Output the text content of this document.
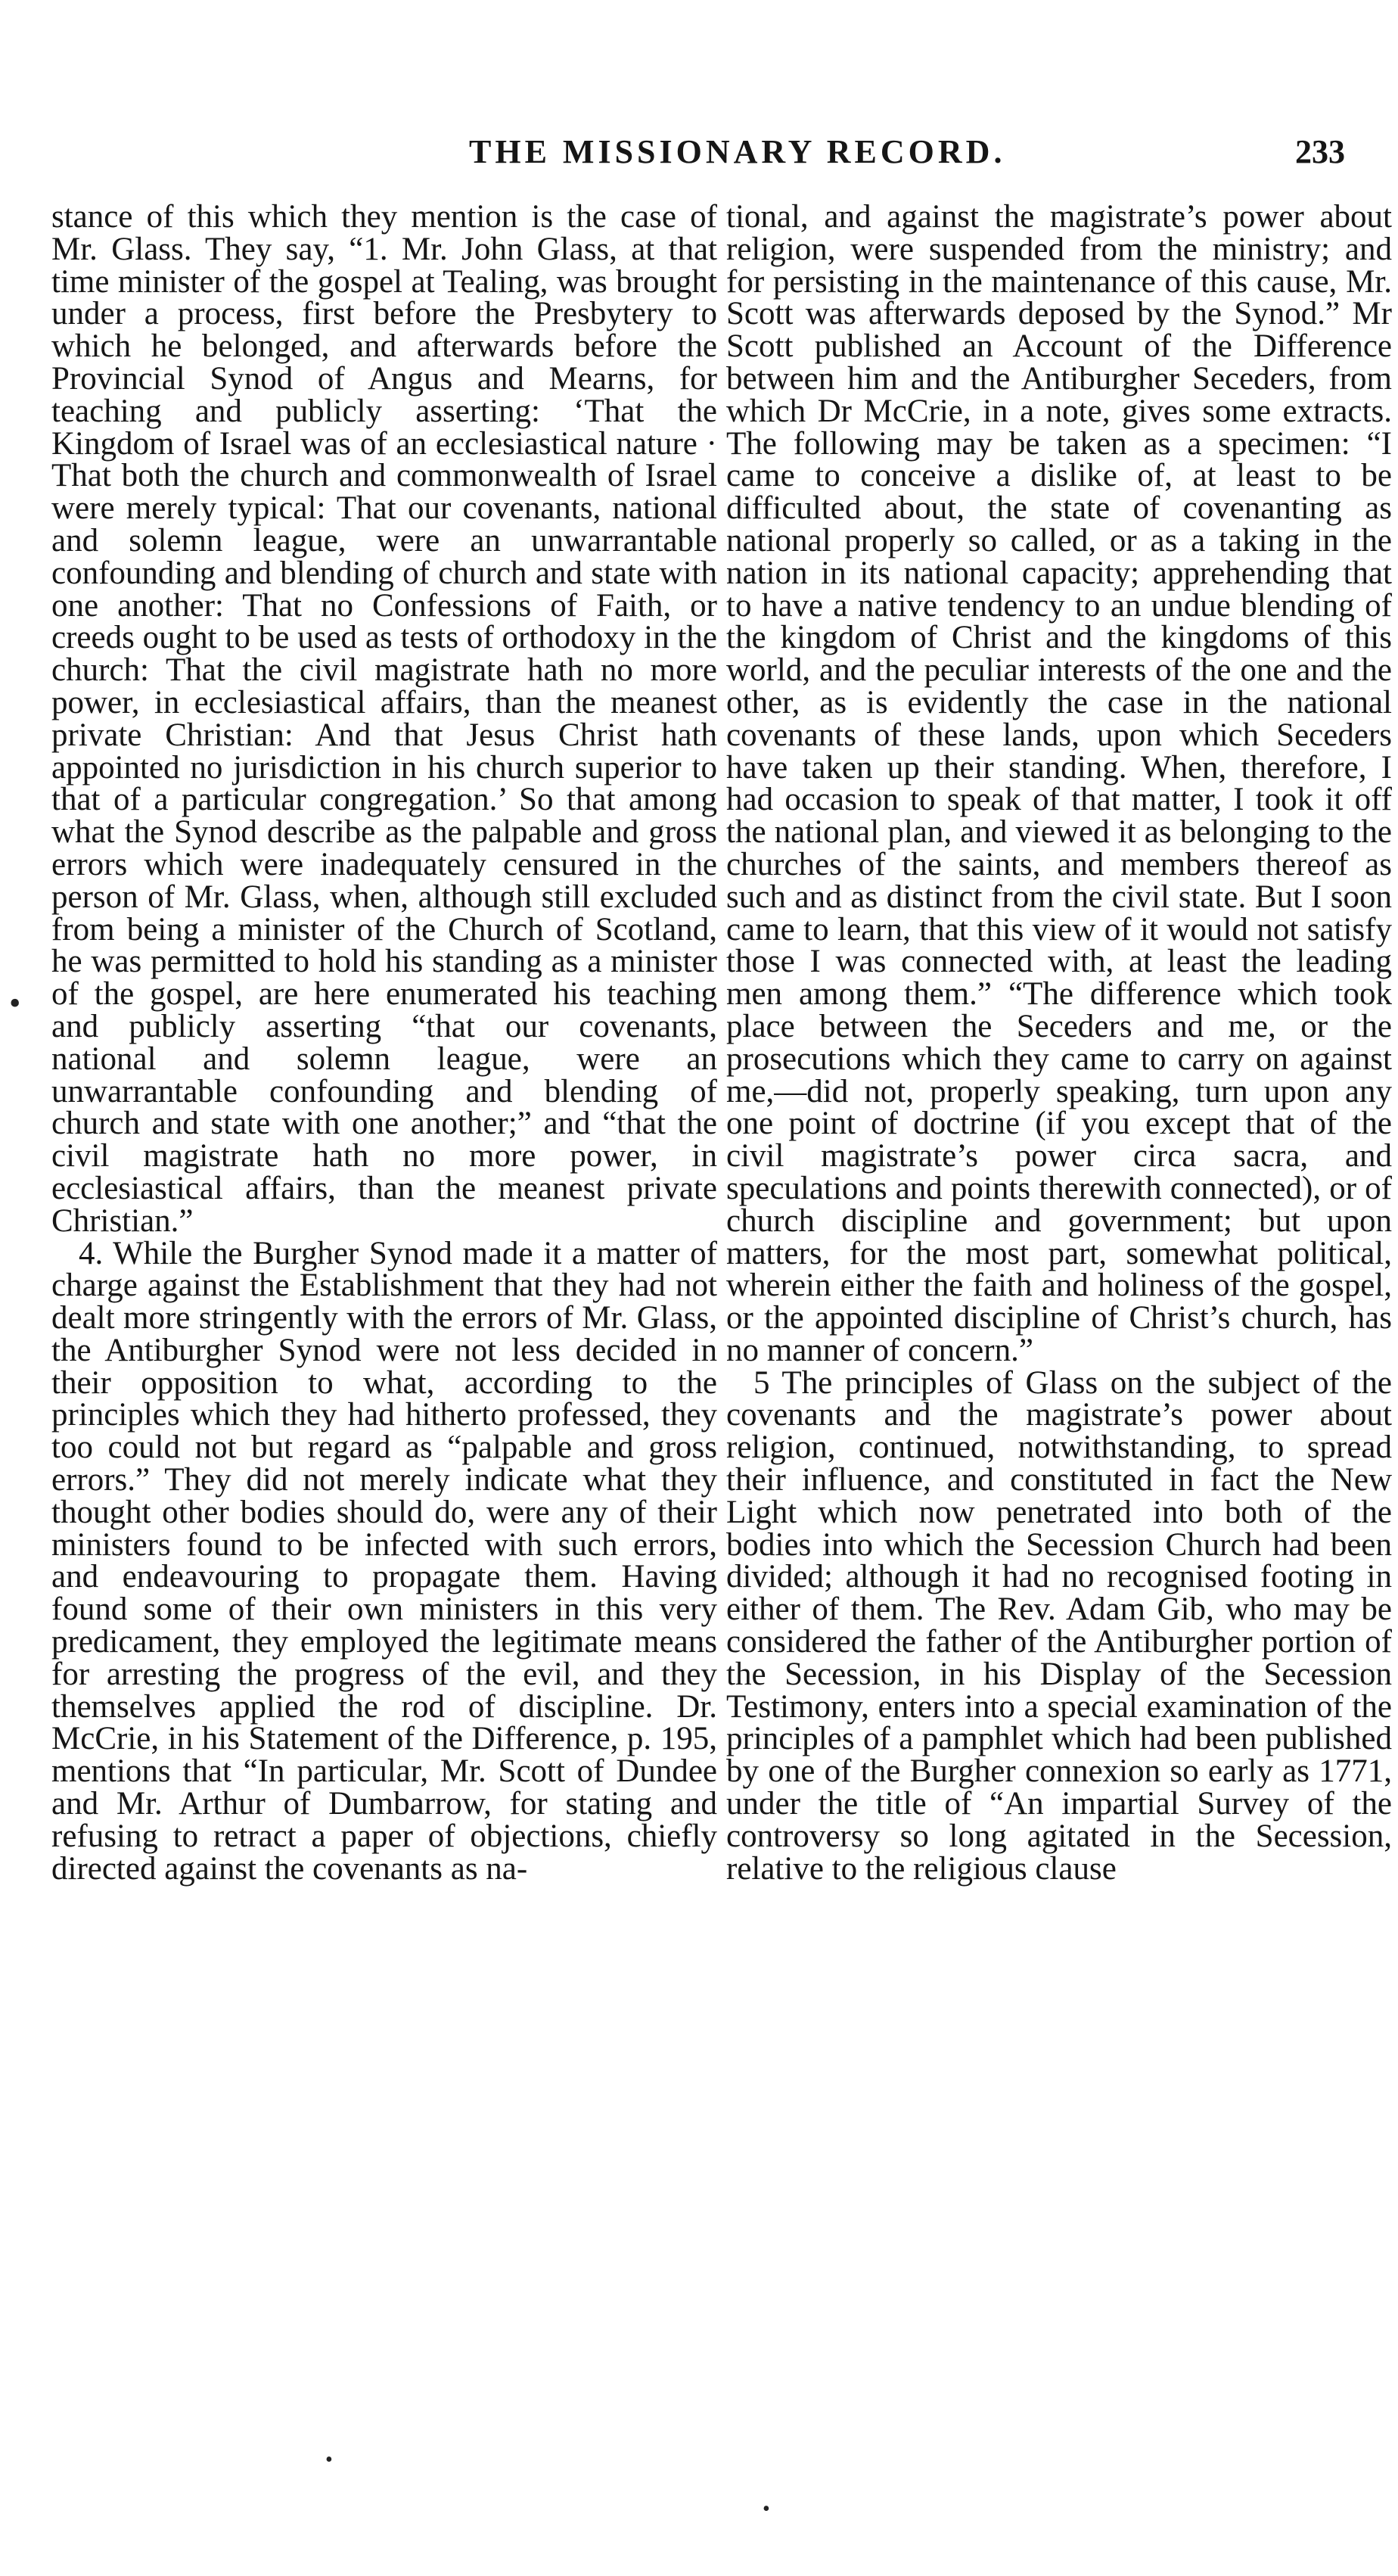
THE MISSIONARY RECORD.	233

stance of this which they mention is the case of Mr. Glass. They say, “1. Mr. John Glass, at that time minister of the gospel at Tealing, was brought under a process, first before the Presbytery to which he belonged, and afterwards before the Provincial Synod of Angus and Mearns, for teaching and publicly asserting: ‘That the Kingdom of Israel was of an ecclesiastical nature · That both the church and commonwealth of Israel were merely typical: That our covenants, national and solemn league, were an unwarrantable confounding and blending of church and state with one another: That no Confessions of Faith, or creeds ought to be used as tests of orthodoxy in the church: That the civil magistrate hath no more power, in ecclesiastical affairs, than the meanest private Christian: And that Jesus Christ hath appointed no jurisdiction in his church superior to that of a particular congregation.’ So that among what the Synod describe as the palpable and gross errors which were inadequately censured in the person of Mr. Glass, when, although still excluded from being a minister of the Church of Scotland, he was permitted to hold his standing as a minister of the gospel, are here enumerated his teaching and publicly asserting “that our covenants, national and solemn league, were an unwarrantable confounding and blending of church and state with one another;” and “that the civil magistrate hath no more power, in ecclesiastical affairs, than the meanest private Christian.”

4. While the Burgher Synod made it a matter of charge against the Establishment that they had not dealt more stringently with the errors of Mr. Glass, the Antiburgher Synod were not less decided in their opposition to what, according to the principles which they had hitherto professed, they too could not but regard as “palpable and gross errors.” They did not merely indicate what they thought other bodies should do, were any of their ministers found to be infected with such errors, and endeavouring to propagate them. Having found some of their own ministers in this very predicament, they employed the legitimate means for arresting the progress of the evil, and they themselves applied the rod of discipline. Dr. McCrie, in his Statement of the Difference, p. 195, mentions that “In particular, Mr. Scott of Dundee and Mr. Arthur of Dumbarrow, for stating and refusing to retract a paper of objections, chiefly directed against the covenants as na-

tional, and against the magistrate’s power about religion, were suspended from the ministry; and for persisting in the maintenance of this cause, Mr. Scott was afterwards deposed by the Synod.” Mr Scott published an Account of the Difference between him and the Antiburgher Seceders, from which Dr McCrie, in a note, gives some extracts. The following may be taken as a specimen: “I came to conceive a dislike of, at least to be difficulted about, the state of covenanting as national properly so called, or as a taking in the nation in its national capacity; apprehending that to have a native tendency to an undue blending of the kingdom of Christ and the kingdoms of this world, and the peculiar interests of the one and the other, as is evidently the case in the national covenants of these lands, upon which Seceders have taken up their standing. When, therefore, I had occasion to speak of that matter, I took it off the national plan, and viewed it as belonging to the churches of the saints, and members thereof as such and as distinct from the civil state. But I soon came to learn, that this view of it would not satisfy those I was connected with, at least the leading men among them.” “The difference which took place between the Seceders and me, or the prosecutions which they came to carry on against me,—did not, properly speaking, turn upon any one point of doctrine (if you except that of the civil magistrate’s power circa sacra, and speculations and points therewith connected), or of church discipline and government; but upon matters, for the most part, somewhat political, wherein either the faith and holiness of the gospel, or the appointed discipline of Christ’s church, has no manner of concern.”

5 The principles of Glass on the subject of the covenants and the magistrate’s power about religion, continued, notwithstanding, to spread their influence, and constituted in fact the New Light which now penetrated into both of the bodies into which the Secession Church had been divided; although it had no recognised footing in either of them. The Rev. Adam Gib, who may be considered the father of the Antiburgher portion of the Secession, in his Display of the Secession Testimony, enters into a special examination of the principles of a pamphlet which had been published by one of the Burgher connexion so early as 1771, under the title of “An impartial Survey of the controversy so long agitated in the Secession, relative to the religious clause

•
•
•
